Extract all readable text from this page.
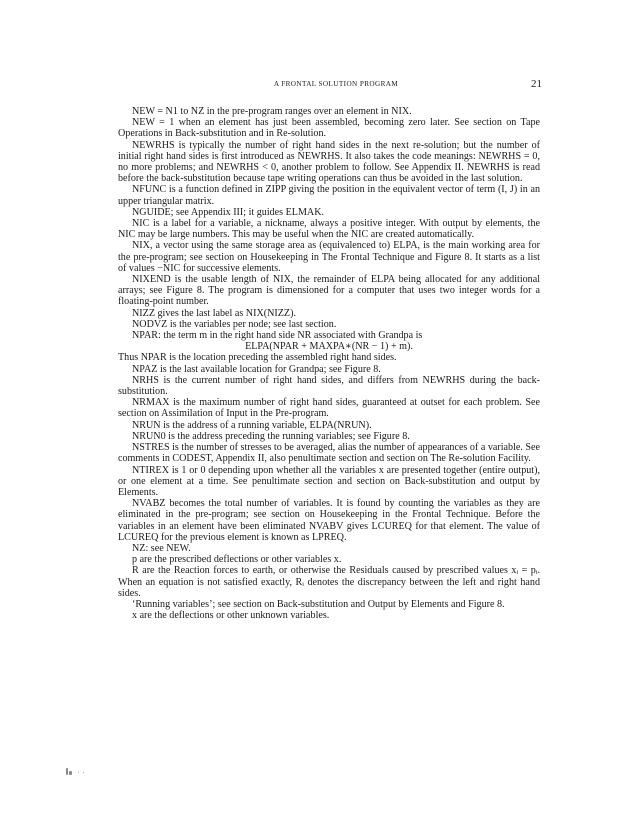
A FRONTAL SOLUTION PROGRAM	21

NEW = N1 to NZ in the pre-program ranges over an element in NIX.

NEW = 1 when an element has just been assembled, becoming zero later. See section on Tape Operations in Back-substitution and in Re-solution.

NEWRHS is typically the number of right hand sides in the next re-solution; but the number of initial right hand sides is first introduced as NEWRHS. It also takes the code meanings: NEWRHS = 0, no more problems; and NEWRHS < 0, another problem to follow. See Appendix II. NEWRHS is read before the back-substitution because tape writing operations can thus be avoided in the last solution.

NFUNC is a function defined in ZIPP giving the position in the equivalent vector of term (I, J) in an upper triangular matrix.

NGUIDE; see Appendix III; it guides ELMAK.

NIC is a label for a variable, a nickname, always a positive integer. With output by elements, the NIC may be large numbers. This may be useful when the NIC are created automatically.

NIX, a vector using the same storage area as (equivalenced to) ELPA, is the main working area for the pre-program; see section on Housekeeping in The Frontal Technique and Figure 8. It starts as a list of values −NIC for successive elements.

NIXEND is the usable length of NIX, the remainder of ELPA being allocated for any additional arrays; see Figure 8. The program is dimensioned for a computer that uses two integer words for a floating-point number.

NIZZ gives the last label as NIX(NIZZ).

NODVZ is the variables per node; see last section.

NPAR: the term m in the right hand side NR associated with Grandpa is

ELPA(NPAR + MAXPA∗(NR − 1) + m).

Thus NPAR is the location preceding the assembled right hand sides.

NPAZ is the last available location for Grandpa; see Figure 8.

NRHS is the current number of right hand sides, and differs from NEWRHS during the back-substitution.

NRMAX is the maximum number of right hand sides, guaranteed at outset for each problem. See section on Assimilation of Input in the Pre-program.

NRUN is the address of a running variable, ELPA(NRUN).

NRUN0 is the address preceding the running variables; see Figure 8.

NSTRES is the number of stresses to be averaged, alias the number of appearances of a variable. See comments in CODEST, Appendix II, also penultimate section and section on The Re-solution Facility.

NTIREX is 1 or 0 depending upon whether all the variables x are presented together (entire output), or one element at a time. See penultimate section and section on Back-substitution and output by Elements.

NVABZ becomes the total number of variables. It is found by counting the variables as they are eliminated in the pre-program; see section on Housekeeping in the Frontal Technique. Before the variables in an element have been eliminated NVABV gives LCUREQ for that element. The value of LCUREQ for the previous element is known as LPREQ.

NZ: see NEW.

p are the prescribed deflections or other variables x.

R are the Reaction forces to earth, or otherwise the Residuals caused by prescribed values xᵢ = pᵢ. When an equation is not satisfied exactly, Rᵢ denotes the discrepancy between the left and right hand sides.

‘Running variables’; see section on Back-substitution and Output by Elements and Figure 8.

x are the deflections or other unknown variables.
